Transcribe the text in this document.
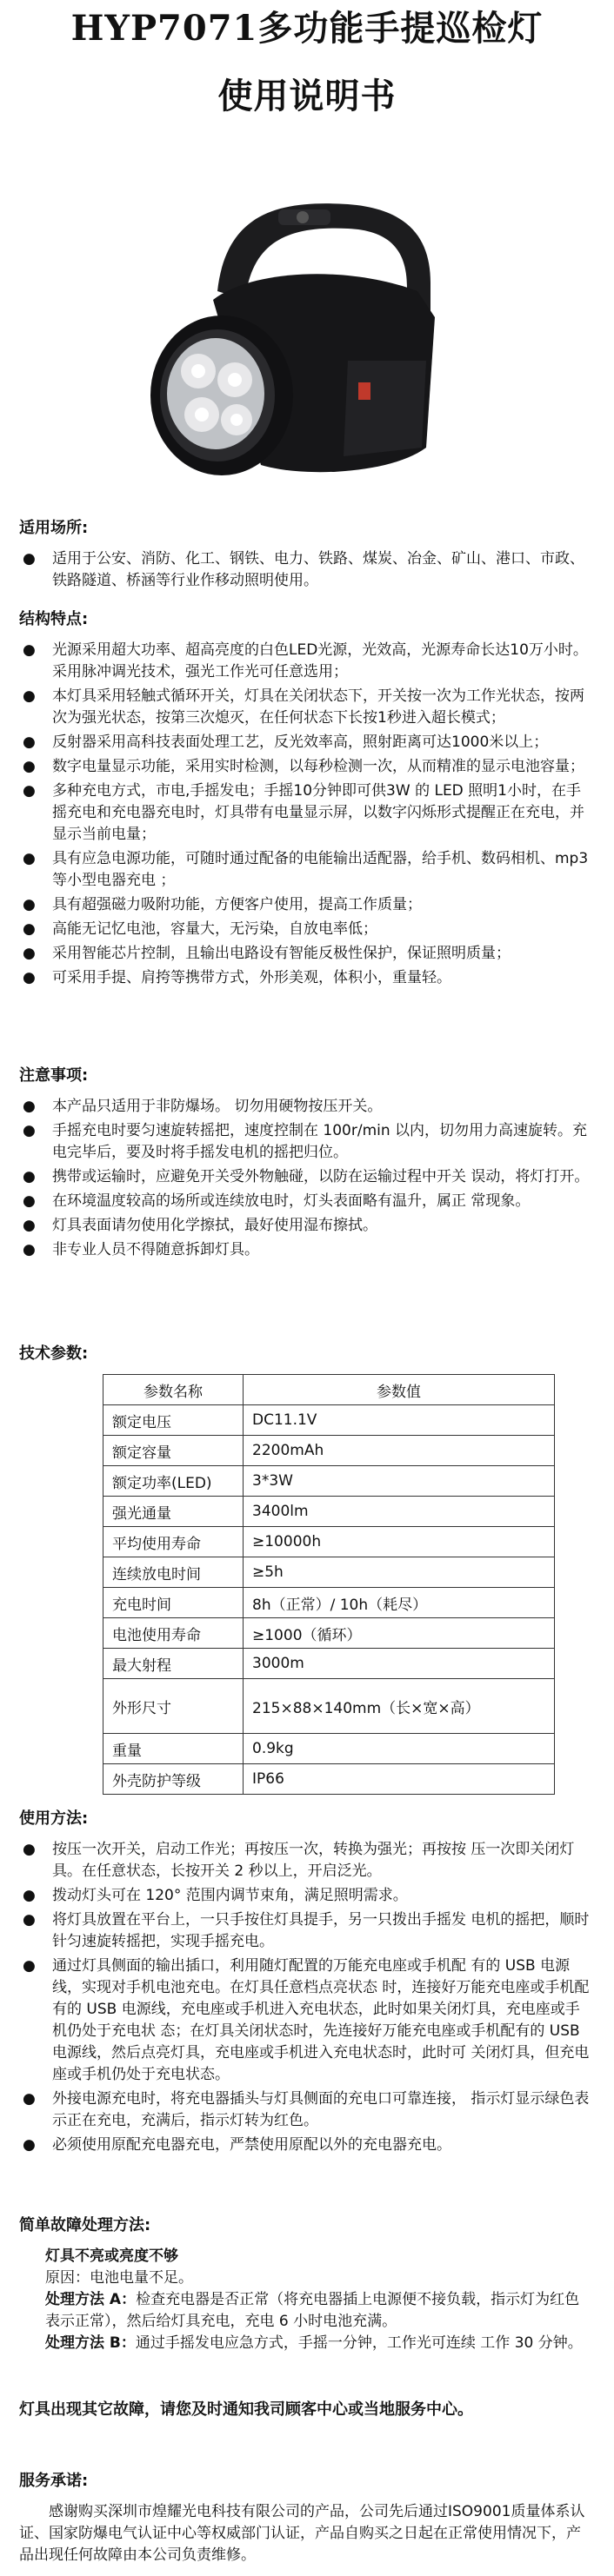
HYP7071多功能手提巡检灯
使用说明书
适用场所:
● 适用于公安、消防、化工、钢铁、电力、铁路、煤炭、冶金、矿山、港口、市政、铁路隧道、桥涵等行业作移动照明使用。
结构特点:
● 光源采用超大功率、超高亮度的白色LED光源，光效高，光源寿命长达10万小时。采用脉冲调光技术，强光工作光可任意选用；
● 本灯具采用轻触式循环开关，灯具在关闭状态下，开关按一次为工作光状态，按两次为强光状态，按第三次熄灭，在任何状态下长按1秒进入超长模式；
● 反射器采用高科技表面处理工艺，反光效率高，照射距离可达1000米以上；
● 数字电量显示功能，采用实时检测，以每秒检测一次，从而精准的显示电池容量；
● 多种充电方式，市电,手摇发电；手摇10分钟即可供3W 的 LED 照明1小时，在手摇充电和充电器充电时，灯具带有电量显示屏，以数字闪烁形式提醒正在充电，并显示当前电量；
● 具有应急电源功能，可随时通过配备的电能输出适配器，给手机、数码相机、mp3等小型电器充电 ；
● 具有超强磁力吸附功能，方便客户使用，提高工作质量；
● 高能无记忆电池，容量大，无污染，自放电率低；
● 采用智能芯片控制，且输出电路设有智能反极性保护，保证照明质量；
● 可采用手提、肩挎等携带方式，外形美观，体积小，重量轻。
注意事项:
● 本产品只适用于非防爆场。 切勿用硬物按压开关。
● 手摇充电时要匀速旋转摇把，速度控制在 100r/min 以内，切勿用力高速旋转。充电完毕后，要及时将手摇发电机的摇把归位。
● 携带或运输时，应避免开关受外物触碰，以防在运输过程中开关 误动，将灯打开。
● 在环境温度较高的场所或连续放电时，灯头表面略有温升，属正 常现象。
● 灯具表面请勿使用化学擦拭，最好使用湿布擦拭。
● 非专业人员不得随意拆卸灯具。
技术参数:
参数名称	参数值
额定电压	DC11.1V
额定容量	2200mAh
额定功率(LED)	3*3W
强光通量	3400lm
平均使用寿命	≥10000h
连续放电时间	≥5h
充电时间	8h（正常）/ 10h（耗尽）
电池使用寿命	≥1000（循环）
最大射程	3000m
外形尺寸	215×88×140mm（长×宽×高）
重量	0.9kg
外壳防护等级	IP66
使用方法:
● 按压一次开关，启动工作光；再按压一次，转换为强光；再按按 压一次即关闭灯具。在任意状态，长按开关 2 秒以上，开启泛光。
● 拨动灯头可在 120° 范围内调节束角，满足照明需求。
● 将灯具放置在平台上，一只手按住灯具提手，另一只拨出手摇发 电机的摇把，顺时针匀速旋转摇把，实现手摇充电。
● 通过灯具侧面的输出插口，利用随灯配置的万能充电座或手机配 有的 USB 电源线，实现对手机电池充电。在灯具任意档点亮状态 时，连接好万能充电座或手机配有的 USB 电源线，充电座或手机进入充电状态，此时如果关闭灯具，充电座或手机仍处于充电状 态；在灯具关闭状态时，先连接好万能充电座或手机配有的 USB 电源线，然后点亮灯具，充电座或手机进入充电状态时，此时可 关闭灯具，但充电座或手机仍处于充电状态。
● 外接电源充电时，将充电器插头与灯具侧面的充电口可靠连接， 指示灯显示绿色表示正在充电，充满后，指示灯转为红色。
● 必须使用原配充电器充电，严禁使用原配以外的充电器充电。
简单故障处理方法:
灯具不亮或亮度不够
原因：电池电量不足。
处理方法 A：检查充电器是否正常（将充电器插上电源便不接负载，指示灯为红色表示正常），然后给灯具充电，充电 6 小时电池充满。
处理方法 B：通过手摇发电应急方式，手摇一分钟，工作光可连续 工作 30 分钟。
灯具出现其它故障，请您及时通知我司顾客中心或当地服务中心。
服务承诺:
感谢购买深圳市煌耀光电科技有限公司的产品，公司先后通过ISO9001质量体系认证、国家防爆电气认证中心等权威部门认证，产品自购买之日起在正常使用情况下，产品出现任何故障由本公司负责维修。
